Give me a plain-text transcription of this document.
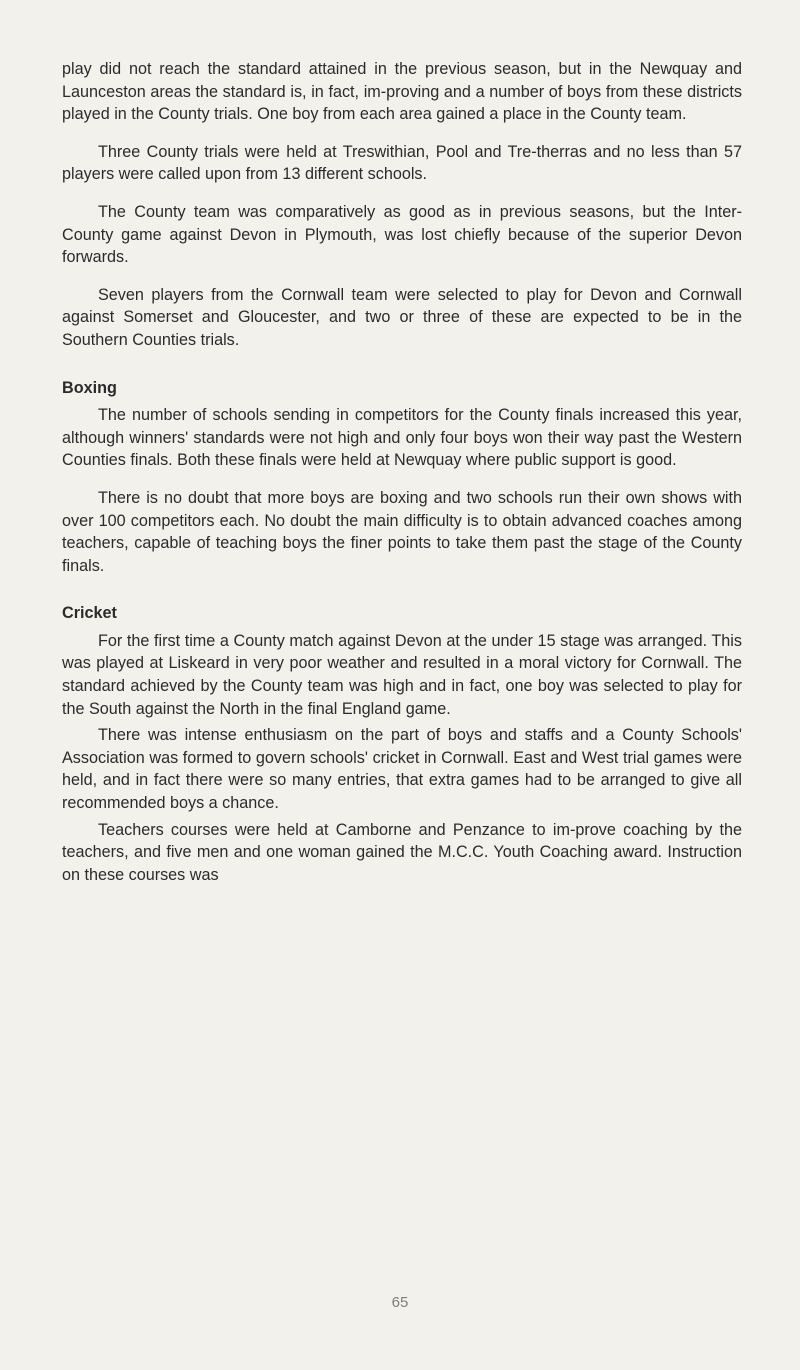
play did not reach the standard attained in the previous season, but in the Newquay and Launceston areas the standard is, in fact, im-proving and a number of boys from these districts played in the County trials. One boy from each area gained a place in the County team.

Three County trials were held at Treswithian, Pool and Tre-therras and no less than 57 players were called upon from 13 different schools.

The County team was comparatively as good as in previous seasons, but the Inter-County game against Devon in Plymouth, was lost chiefly because of the superior Devon forwards.

Seven players from the Cornwall team were selected to play for Devon and Cornwall against Somerset and Gloucester, and two or three of these are expected to be in the Southern Counties trials.

Boxing

The number of schools sending in competitors for the County finals increased this year, although winners' standards were not high and only four boys won their way past the Western Counties finals. Both these finals were held at Newquay where public support is good.

There is no doubt that more boys are boxing and two schools run their own shows with over 100 competitors each. No doubt the main difficulty is to obtain advanced coaches among teachers, capable of teaching boys the finer points to take them past the stage of the County finals.

Cricket

For the first time a County match against Devon at the under 15 stage was arranged. This was played at Liskeard in very poor weather and resulted in a moral victory for Cornwall. The standard achieved by the County team was high and in fact, one boy was selected to play for the South against the North in the final England game.

There was intense enthusiasm on the part of boys and staffs and a County Schools' Association was formed to govern schools' cricket in Cornwall. East and West trial games were held, and in fact there were so many entries, that extra games had to be arranged to give all recommended boys a chance.

Teachers courses were held at Camborne and Penzance to im-prove coaching by the teachers, and five men and one woman gained the M.C.C. Youth Coaching award. Instruction on these courses was

65
